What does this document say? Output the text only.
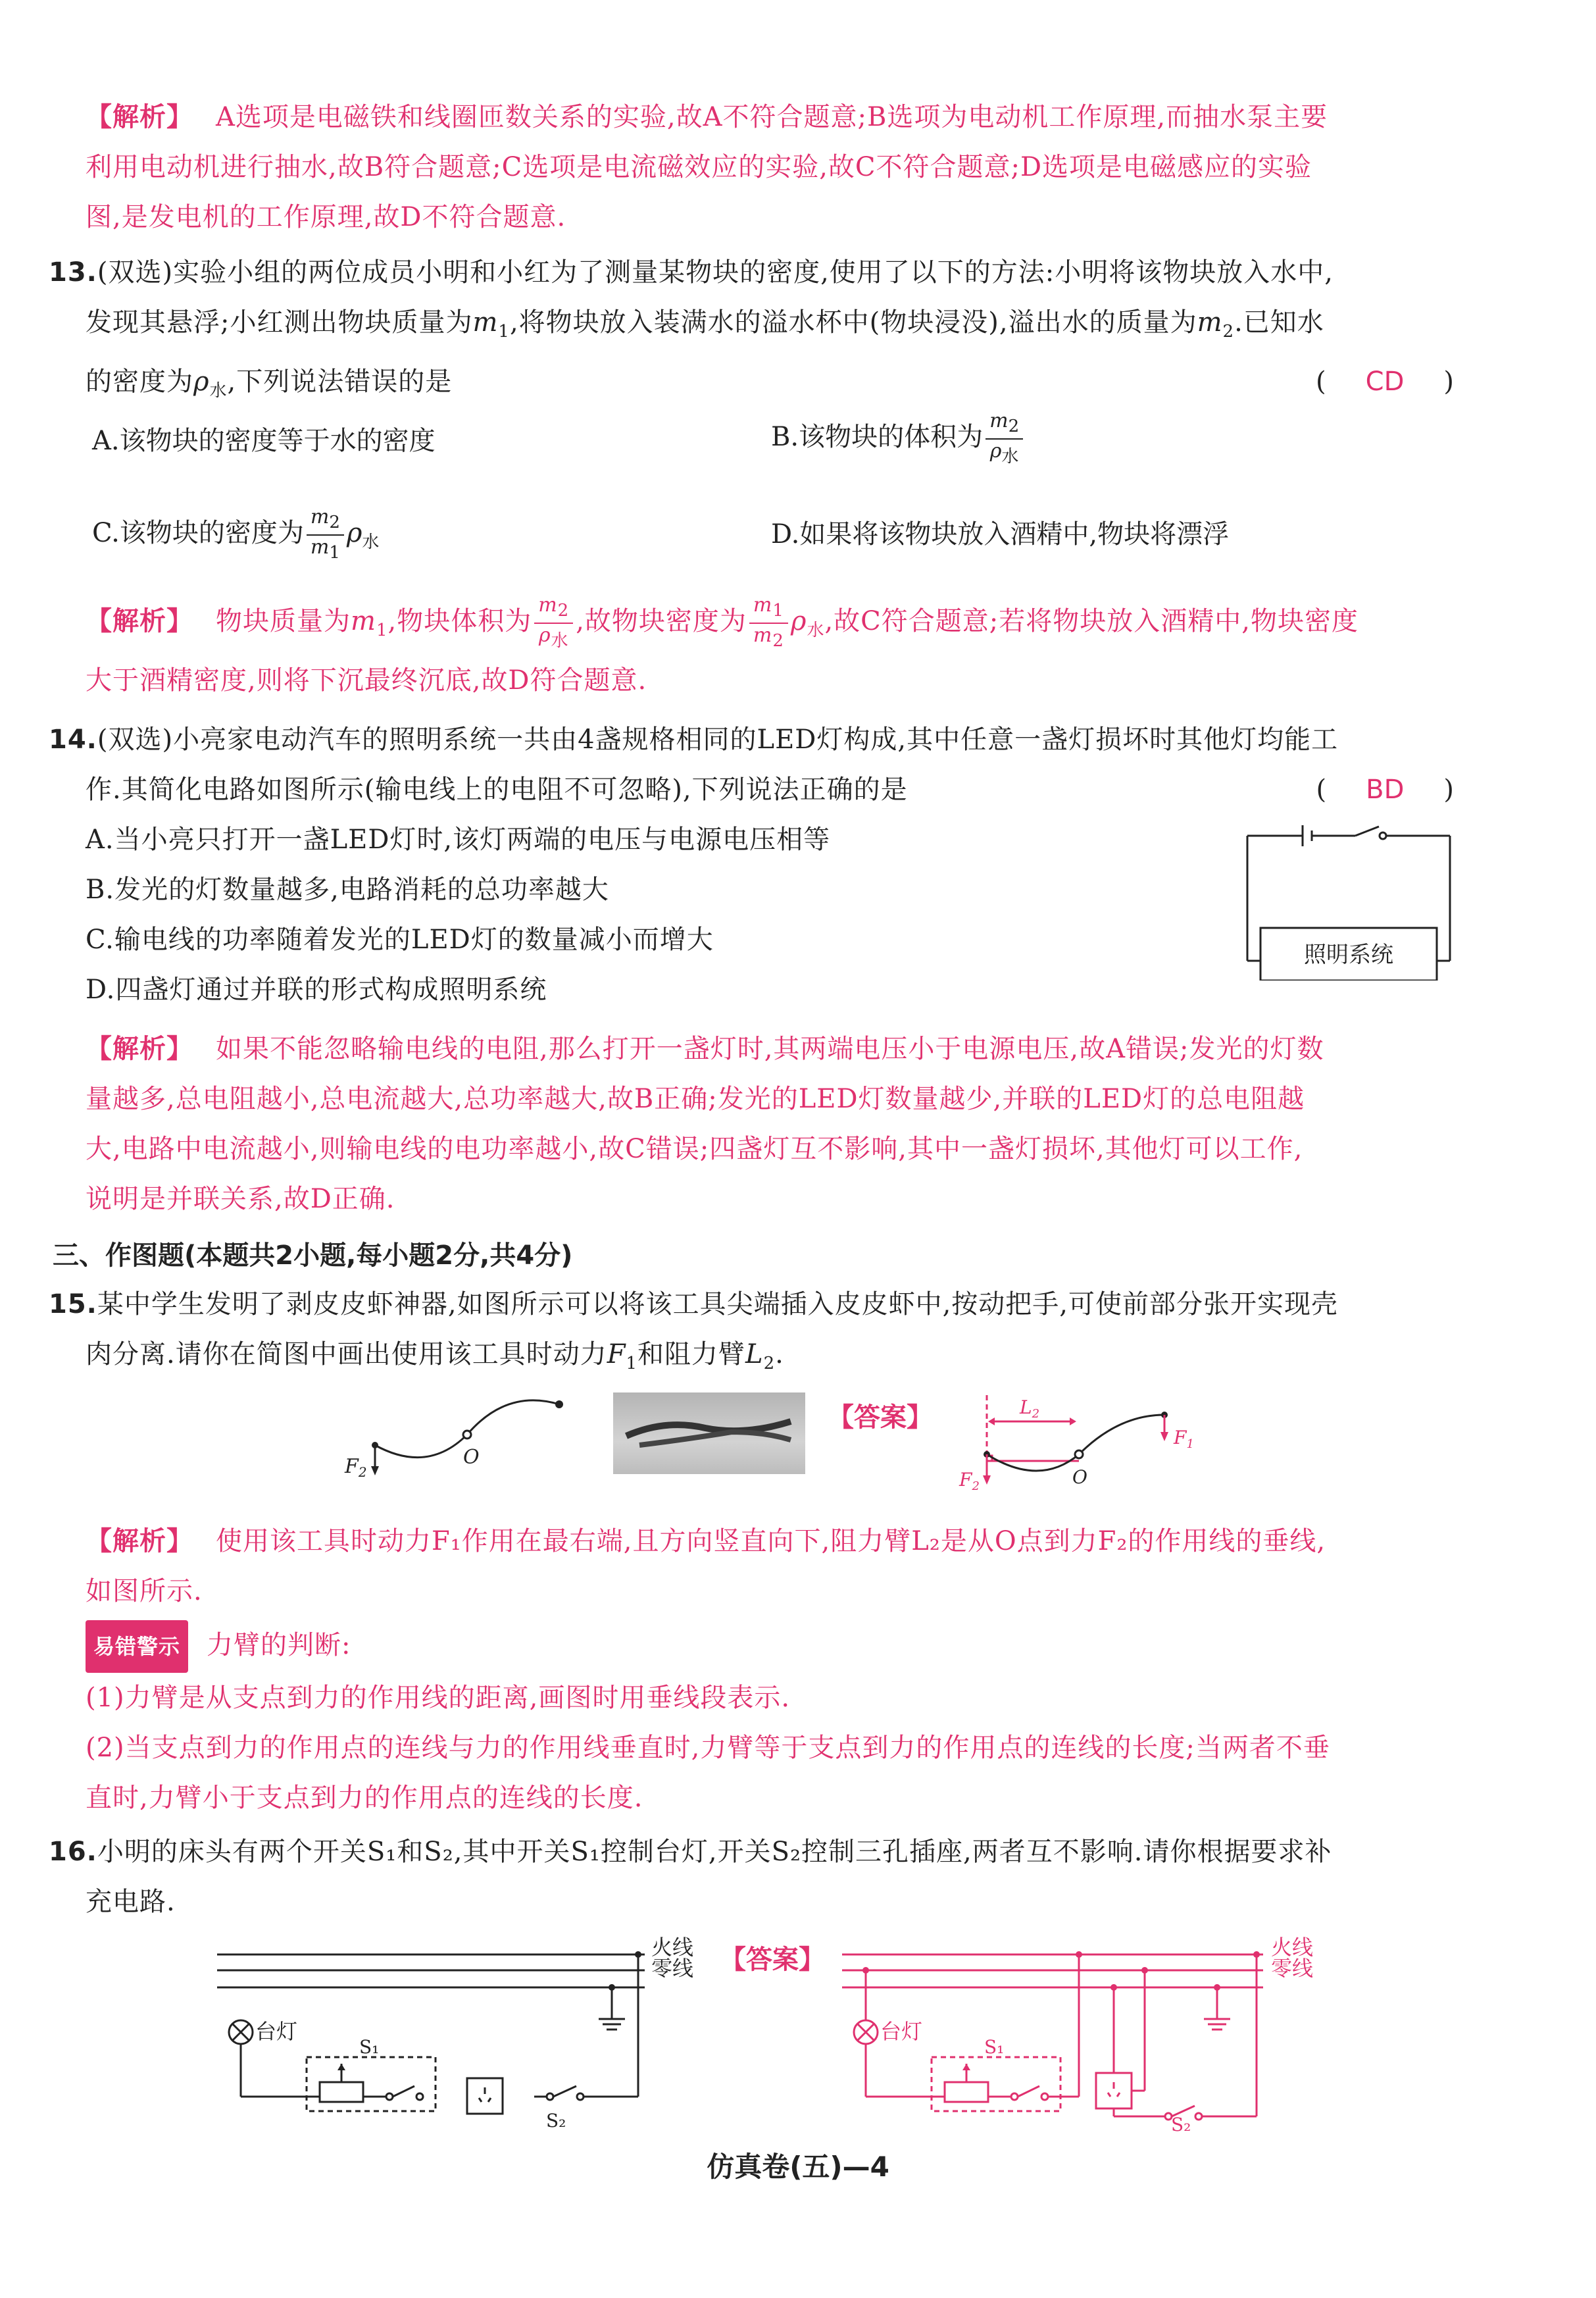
【解析】 A选项是电磁铁和线圈匝数关系的实验,故A不符合题意;B选项为电动机工作原理,而抽水泵主要

利用电动机进行抽水,故B符合题意;C选项是电流磁效应的实验,故C不符合题意;D选项是电磁感应的实验

图,是发电机的工作原理,故D不符合题意.

13.(双选)实验小组的两位成员小明和小红为了测量某物块的密度,使用了以下的方法:小明将该物块放入水中,

发现其悬浮;小红测出物块质量为$m_1$,将物块放入装满水的溢水杯中(物块浸没),溢出水的质量为$m_2$.已知水

的密度为$\rho_水$,下列说法错误的是	( CD )
A.该物块的密度等于水的密度	B.该物块的体积为 $\frac{m2}{\text{ρ水}}$
C.该物块的密度为 $\frac{m2}{m1} \rho_水$	D.如果将该物块放入酒精中,物块将漂浮

【解析】 物块质量为$m_1$,物块体积为 $\frac{m2}{\text{ρ水}}$ ,故物块密度为 $\frac{m1}{m2} \rho_水$,故C符合题意;若将物块放入酒精中,物块密度

大于酒精密度,则将下沉最终沉底,故D符合题意.

14.(双选)小亮家电动汽车的照明系统一共由4盏规格相同的LED灯构成,其中任意一盏灯损坏时其他灯均能工

作.其简化电路如图所示(输电线上的电阻不可忽略),下列说法正确的是	( BD )

A.当小亮只打开一盏LED灯时,该灯两端的电压与电源电压相等

B.发光的灯数量越多,电路消耗的总功率越大

C.输电线的功率随着发光的LED灯的数量减小而增大

D.四盏灯通过并联的形式构成照明系统

照明系统

【解析】 如果不能忽略输电线的电阻,那么打开一盏灯时,其两端电压小于电源电压,故A错误;发光的灯数

量越多,总电阻越小,总电流越大,总功率越大,故B正确;发光的LED灯数量越少,并联的LED灯的总电阻越

大,电路中电流越小,则输电线的电功率越小,故C错误;四盏灯互不影响,其中一盏灯损坏,其他灯可以工作,

说明是并联关系,故D正确.

三、作图题(本题共2小题,每小题2分,共4分)

15.某中学生发明了剥皮皮虾神器,如图所示可以将该工具尖端插入皮皮虾中,按动把手,可使前部分张开实现壳

肉分离.请你在简图中画出使用该工具时动力$F_1$和阻力臂$L_2$.

$F_2$
O
【答案】	$L_2$
$F_2$	O
$F_1$

【解析】 使用该工具时动力F₁作用在最右端,且方向竖直向下,阻力臂L₂是从O点到力F₂的作用线的垂线,

如图所示.

易错警示 力臂的判断:

(1)力臂是从支点到力的作用线的距离,画图时用垂线段表示.

(2)当支点到力的作用点的连线与力的作用线垂直时,力臂等于支点到力的作用点的连线的长度;当两者不垂

直时,力臂小于支点到力的作用点的连线的长度.

16.小明的床头有两个开关S₁和S₂,其中开关S₁控制台灯,开关S₂控制三孔插座,两者互不影响.请你根据要求补

充电路.

火线
零线
台灯
S₁
S₂
【答案】	火线
零线
台灯
S₁
S₂
仿真卷(五)—4
